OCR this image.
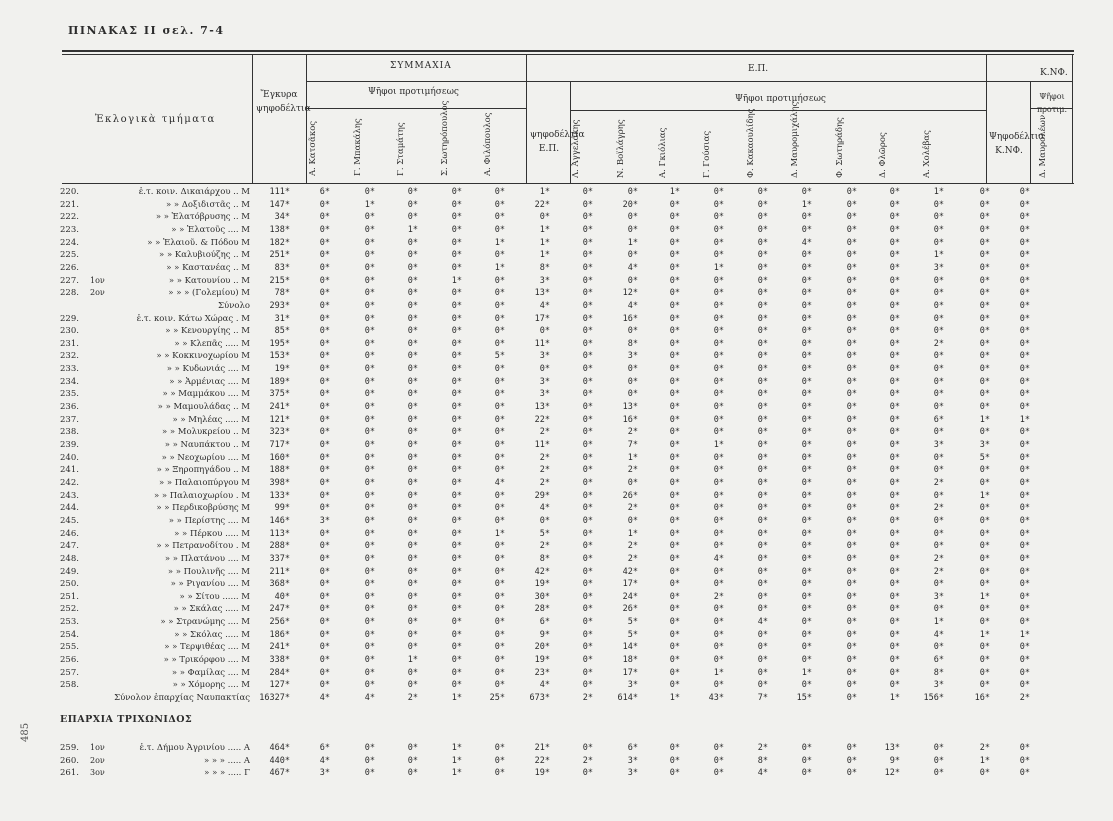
ΠΙΝΑΚΑΣ ΙΙ σελ. 7-4
485
Ἐκλογικὰ τμήματα
Ἔγκυρα ψηφοδέλτια
ΣΥΜΜΑΧΙΑ
Ψῆφοι προτιμήσεως
Ε.Π.
ψηφοδέλτια Ε.Π.
Ψῆφοι προτιμήσεως
Κ.ΝΦ.
Ψηφοδέλτια Κ.ΝΦ.
Ψῆφοι προτιμ.
Α. Κατσᾶκος	Γ. Μπακάλης	Γ. Σταμάτης	Σ. Σωτηρόπουλος	Α. Φιλόπουλος	Λ. Ἀγγελάκης	Ν. Βοϊλάγρης	Α. Γκιόλιας	Γ. Γούσιας	Φ. Κακαουλίδης	Δ. Μαυρομιχάλης	Φ. Σωτηράδης	Δ. Φλῶρος	Α. Χολέβας	Δ. Μαυρολέων
220.	ἐ.τ. κοιν. Δικαιάρχου .. Μ	111*	6*	0*	0*	0*	0*	1*	0*	0*	1*	0*	0*	0*	0*	0*	1*	0*	0*
221.	» » Δοξιδιστᾶς .. Μ	147*	0*	1*	0*	0*	0*	22*	0*	20*	0*	0*	0*	1*	0*	0*	0*	0*	0*
222.	» » Ἑλατόβρυσης .. Μ	34*	0*	0*	0*	0*	0*	0*	0*	0*	0*	0*	0*	0*	0*	0*	0*	0*	0*
223.	» » Ἑλατοῦς .... Μ	138*	0*	0*	1*	0*	0*	1*	0*	0*	0*	0*	0*	0*	0*	0*	0*	0*	0*
224.	» » Ἑλαιοῦ. & Πόδου Μ	182*	0*	0*	0*	0*	1*	1*	0*	1*	0*	0*	0*	4*	0*	0*	0*	0*	0*
225.	» » Καλυβιούζης .. Μ	251*	0*	0*	0*	0*	0*	1*	0*	0*	0*	0*	0*	0*	0*	0*	1*	0*	0*
226.	» » Καστανέας .. Μ	83*	0*	0*	0*	0*	1*	8*	0*	4*	0*	1*	0*	0*	0*	0*	3*	0*	0*
227.	1ον	» » Κατουνίου .. Μ	215*	0*	0*	0*	1*	0*	3*	0*	0*	0*	0*	0*	0*	0*	0*	0*	0*	0*
228.	2ον	» » » (Γολεμίου) Μ	78*	0*	0*	0*	0*	0*	13*	0*	12*	0*	0*	0*	0*	0*	0*	0*	0*	0*
Σύνολο	293*	0*	0*	0*	0*	0*	4*	0*	4*	0*	0*	0*	0*	0*	0*	0*	0*	0*
229.	ἐ.τ. κοιν. Κάτω Χώρας . Μ	31*	0*	0*	0*	0*	0*	17*	0*	16*	0*	0*	0*	0*	0*	0*	0*	0*	0*
230.	» » Κενουργίης .. Μ	85*	0*	0*	0*	0*	0*	0*	0*	0*	0*	0*	0*	0*	0*	0*	0*	0*	0*
231.	» » Κλεπᾶς ..... Μ	195*	0*	0*	0*	0*	0*	11*	0*	8*	0*	0*	0*	0*	0*	0*	2*	0*	0*
232.	» » Κοκκινοχωρίου Μ	153*	0*	0*	0*	0*	5*	3*	0*	3*	0*	0*	0*	0*	0*	0*	0*	0*	0*
233.	» » Κυδωνιάς .... Μ	19*	0*	0*	0*	0*	0*	0*	0*	0*	0*	0*	0*	0*	0*	0*	0*	0*	0*
234.	» » Ἀρμένιας .... Μ	189*	0*	0*	0*	0*	0*	3*	0*	0*	0*	0*	0*	0*	0*	0*	0*	0*	0*
235.	» » Μαμμάκου .... Μ	375*	0*	0*	0*	0*	0*	3*	0*	0*	0*	0*	0*	0*	0*	0*	0*	0*	0*
236.	» » Μαμουλάδας .. Μ	241*	0*	0*	0*	0*	0*	13*	0*	13*	0*	0*	0*	0*	0*	0*	0*	0*	0*
237.	» » Μηλέας ..... Μ	121*	0*	0*	0*	0*	0*	22*	0*	16*	0*	0*	0*	0*	0*	0*	6*	1*	1*
238.	» » Μολυκρείου .. Μ	323*	0*	0*	0*	0*	0*	2*	0*	2*	0*	0*	0*	0*	0*	0*	0*	0*	0*
239.	» » Ναυπάκτου .. Μ	717*	0*	0*	0*	0*	0*	11*	0*	7*	0*	1*	0*	0*	0*	0*	3*	3*	0*
240.	» » Νεοχωρίου .... Μ	160*	0*	0*	0*	0*	0*	2*	0*	1*	0*	0*	0*	0*	0*	0*	0*	5*	0*
241.	» » Ξηροπηγάδου .. Μ	188*	0*	0*	0*	0*	0*	2*	0*	2*	0*	0*	0*	0*	0*	0*	0*	0*	0*
242.	» » Παλαιοπύργου Μ	398*	0*	0*	0*	0*	4*	2*	0*	0*	0*	0*	0*	0*	0*	0*	2*	0*	0*
243.	» » Παλαιοχωρίου . Μ	133*	0*	0*	0*	0*	0*	29*	0*	26*	0*	0*	0*	0*	0*	0*	0*	1*	0*
244.	» » Περδικοβρύσης Μ	99*	0*	0*	0*	0*	0*	4*	0*	2*	0*	0*	0*	0*	0*	0*	2*	0*	0*
245.	» » Περίστης .... Μ	146*	3*	0*	0*	0*	0*	0*	0*	0*	0*	0*	0*	0*	0*	0*	0*	0*	0*
246.	» » Πέρκου ..... Μ	113*	0*	0*	0*	0*	1*	5*	0*	1*	0*	0*	0*	0*	0*	0*	0*	0*	0*
247.	» » Πετρανοδίτου . Μ	288*	0*	0*	0*	0*	0*	2*	0*	2*	0*	0*	0*	0*	0*	0*	0*	0*	0*
248.	» » Πλατάνου .... Μ	337*	0*	0*	0*	0*	0*	8*	0*	2*	0*	4*	0*	0*	0*	0*	2*	0*	0*
249.	» » Πουλινῆς .... Μ	211*	0*	0*	0*	0*	0*	42*	0*	42*	0*	0*	0*	0*	0*	0*	2*	0*	0*
250.	» » Ριγανίου .... Μ	368*	0*	0*	0*	0*	0*	19*	0*	17*	0*	0*	0*	0*	0*	0*	0*	0*	0*
251.	» » Σίτου ...... Μ	40*	0*	0*	0*	0*	0*	30*	0*	24*	0*	2*	0*	0*	0*	0*	3*	1*	0*
252.	» » Σκάλας ..... Μ	247*	0*	0*	0*	0*	0*	28*	0*	26*	0*	0*	0*	0*	0*	0*	0*	0*	0*
253.	» » Στρανώμης .... Μ	256*	0*	0*	0*	0*	0*	6*	0*	5*	0*	0*	4*	0*	0*	0*	1*	0*	0*
254.	» » Σκόλας ..... Μ	186*	0*	0*	0*	0*	0*	9*	0*	5*	0*	0*	0*	0*	0*	0*	4*	1*	1*
255.	» » Τερψιθέας .... Μ	241*	0*	0*	0*	0*	0*	20*	0*	14*	0*	0*	0*	0*	0*	0*	0*	0*	0*
256.	» » Τρικόρφου .... Μ	338*	0*	0*	1*	0*	0*	19*	0*	18*	0*	0*	0*	0*	0*	0*	6*	0*	0*
257.	» » Φαμίλας .... Μ	284*	0*	0*	0*	0*	0*	23*	0*	17*	0*	1*	0*	1*	0*	0*	8*	0*	0*
258.	» » Χόμορης .... Μ	127*	0*	0*	0*	0*	0*	4*	0*	3*	0*	0*	0*	0*	0*	0*	3*	0*	0*
Σύνολον ἐπαρχίας Ναυπακτίας	16327*	4*	4*	2*	1*	25*	673*	2*	614*	1*	43*	7*	15*	0*	1*	156*	16*	2*
ΕΠΑΡΧΙΑ ΤΡΙΧΩΝΙΔΟΣ
259.	1ον	ἐ.τ. Δήμου Ἀγρινίου ..... Α	464*	6*	0*	0*	1*	0*	21*	0*	6*	0*	0*	2*	0*	0*	13*	0*	2*	0*
260.	2ον	» » » ..... Α	440*	4*	0*	0*	1*	0*	22*	2*	3*	0*	0*	8*	0*	0*	9*	0*	1*	0*
261.	3ον	» » » ..... Γ	467*	3*	0*	0*	1*	0*	19*	0*	3*	0*	0*	4*	0*	0*	12*	0*	0*	0*
